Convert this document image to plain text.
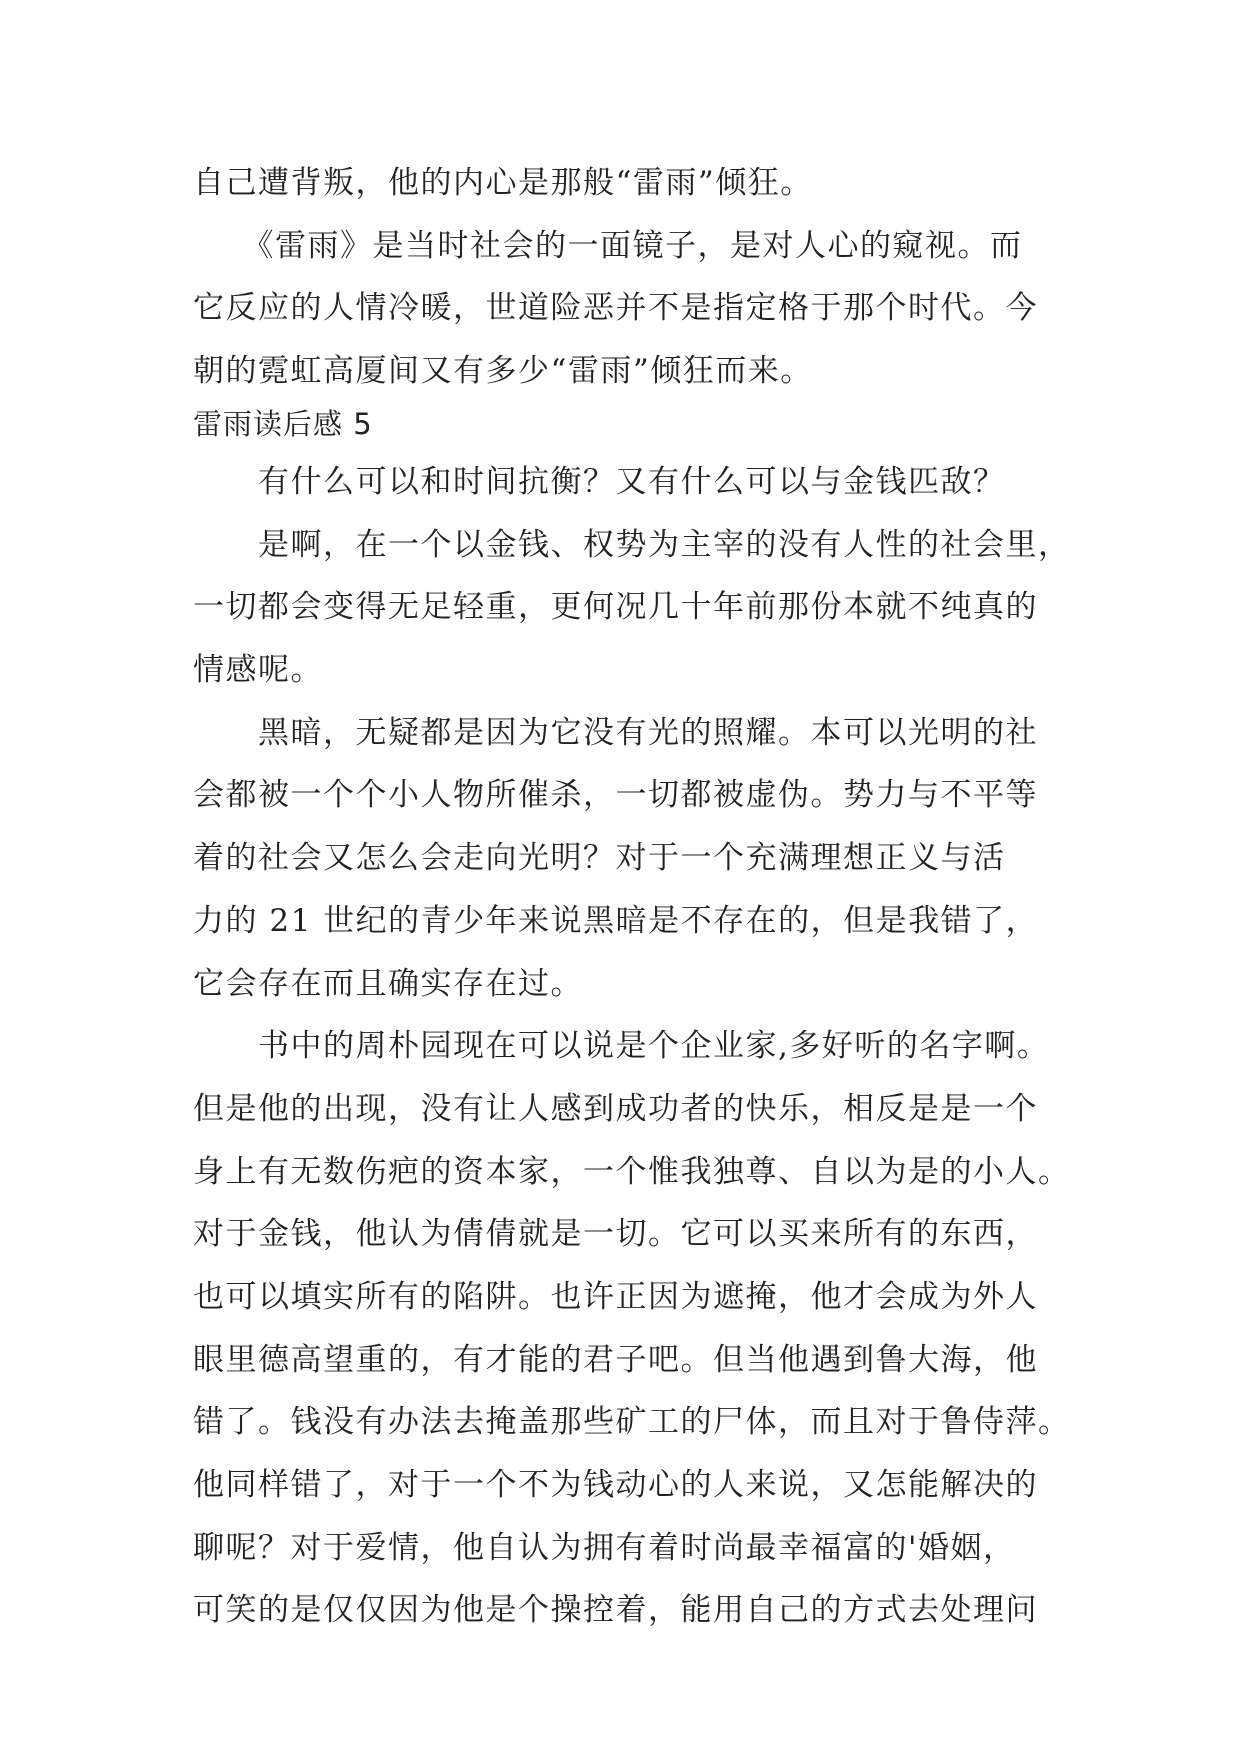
自己遭背叛，他的内心是那般“雷雨”倾狂。
　　《雷雨》是当时社会的一面镜子，是对人心的窥视。而
它反应的人情冷暖，世道险恶并不是指定格于那个时代。今
朝的霓虹高厦间又有多少“雷雨”倾狂而来。
雷雨读后感 5
　　有什么可以和时间抗衡？又有什么可以与金钱匹敌？
　　是啊，在一个以金钱、权势为主宰的没有人性的社会里，
一切都会变得无足轻重，更何况几十年前那份本就不纯真的
情感呢。
　　黑暗，无疑都是因为它没有光的照耀。本可以光明的社
会都被一个个小人物所催杀，一切都被虚伪。势力与不平等
着的社会又怎么会走向光明？对于一个充满理想正义与活
力的 21 世纪的青少年来说黑暗是不存在的，但是我错了，
它会存在而且确实存在过。
　　书中的周朴园现在可以说是个企业家,多好听的名字啊。
但是他的出现，没有让人感到成功者的快乐，相反是是一个
身上有无数伤疤的资本家，一个惟我独尊、自以为是的小人。
对于金钱，他认为倩倩就是一切。它可以买来所有的东西，
也可以填实所有的陷阱。也许正因为遮掩，他才会成为外人
眼里德高望重的，有才能的君子吧。但当他遇到鲁大海，他
错了。钱没有办法去掩盖那些矿工的尸体，而且对于鲁侍萍。
他同样错了，对于一个不为钱动心的人来说，又怎能解决的
聊呢？对于爱情，他自认为拥有着时尚最幸福富的'婚姻，
可笑的是仅仅因为他是个操控着，能用自己的方式去处理问
